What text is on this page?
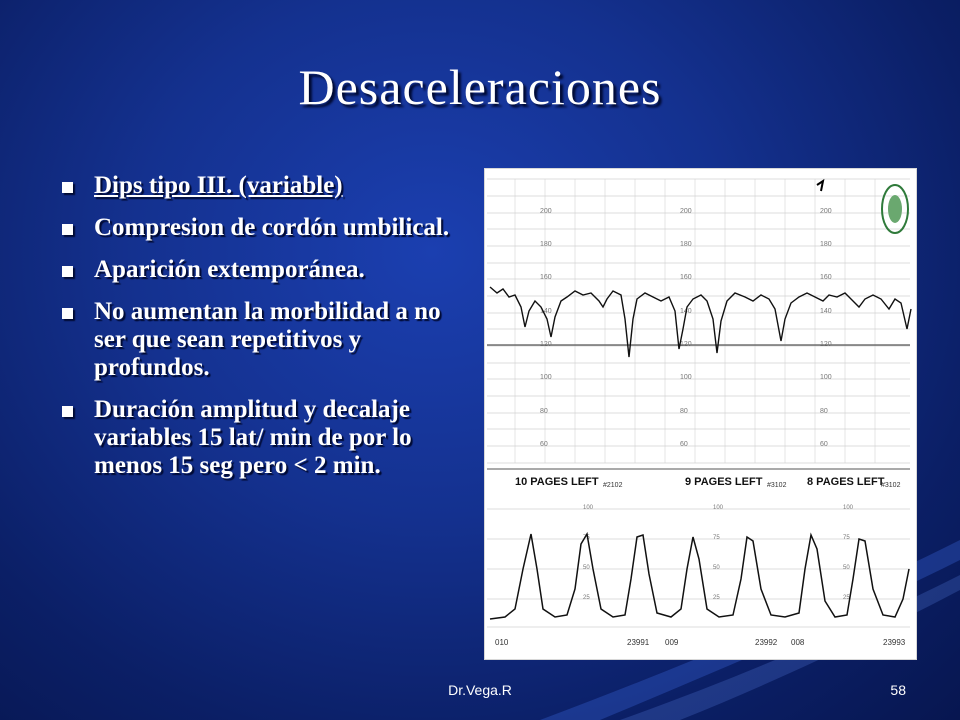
Desaceleraciones
Dips tipo III. (variable)
Compresion de cordón umbilical.
Aparición extemporánea.
No aumentan la morbilidad a no ser que sean repetitivos y profundos.
Duración amplitud y decalaje variables 15 lat/ min de por lo menos 15 seg pero < 2 min.
200
180
160
140
120
100
80
60
200
180
160
140
120
100
80
60
200
180
160
140
120
100
80
60
10 PAGES LEFT	9 PAGES LEFT	8 PAGES LEFT
#2102	#3102	#3102
100
75
50
25
100
75
50
25
100
75
50
25
010	23991 009	23992 008	23993
Dr.Vega.R	58
